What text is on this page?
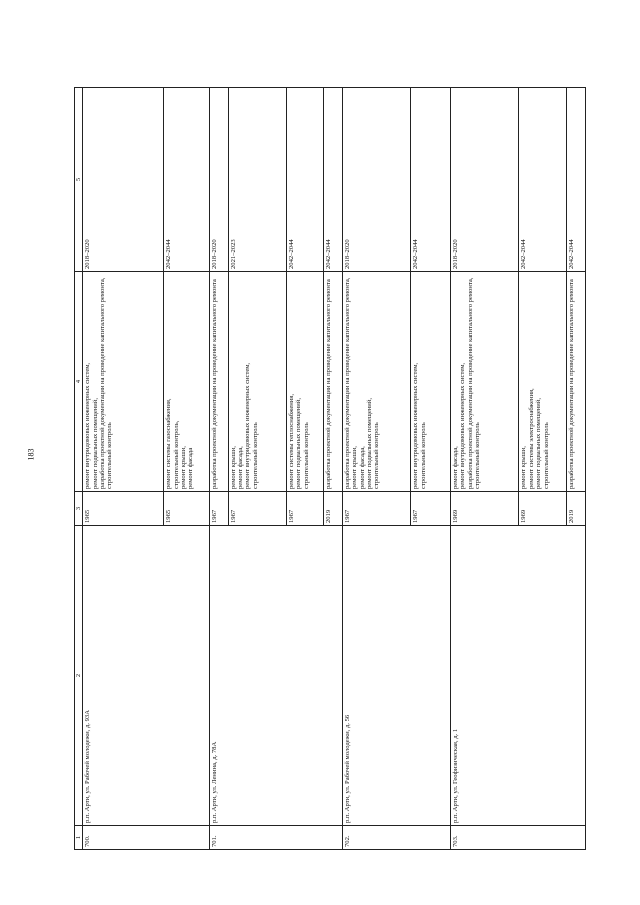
183
1	2	3	4	5
700.	р.п. Арти, ул. Рабочей молодежи, д. 93А	1965	ремонт внутридомовых инженерных систем,
ремонт подвальных помещений,
разработка проектной документации на проведение капитального ремонта,
строительный контроль	2018–2020
		1965	ремонт системы газоснабжения,
строительный контроль,
ремонт крыши,
ремонт фасада	2042–2044
701.	р.п. Арти, ул. Ленина, д. 78А	1967	разработка проектной документации на проведение капитального ремонта	2018–2020
		1967	ремонт крыши,
ремонт фасада,
ремонт внутридомовых инженерных систем,
строительный контроль	2021–2023
		1967	ремонт системы теплоснабжения,
ремонт подвальных помещений,
строительный контроль	2042–2044
		2019	разработка проектной документации на проведение капитального ремонта	2042–2044
702.	р.п. Арти, ул. Рабочей молодежи, д. 56	1967	разработка проектной документации на проведение капитального ремонта,
ремонт крыши,
ремонт фасада,
ремонт подвальных помещений,
строительный контроль	2018–2020
		1967	ремонт внутридомовых инженерных систем,
строительный контроль	2042–2044
703.	р.п. Арти, ул. Геофизическая, д. 1	1969	ремонт фасада,
ремонт внутридомовых инженерных систем,
разработка проектной документации на проведение капитального ремонта,
строительный контроль	2018–2020
		1969	ремонт крыши,
ремонт системы электроснабжения,
ремонт подвальных помещений,
строительный контроль	2042–2044
		2019	разработка проектной документации на проведение капитального ремонта	2042–2044
